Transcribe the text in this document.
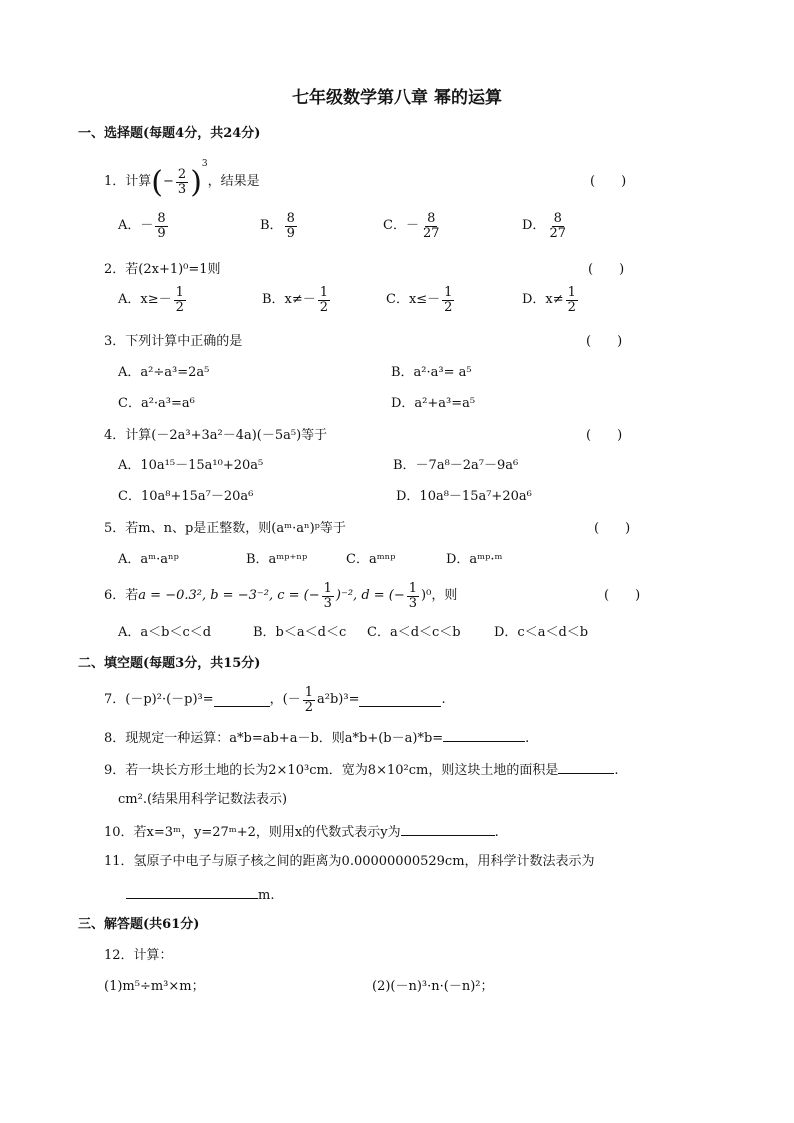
七年级数学第八章 幂的运算
一、选择题(每题4分，共24分)
1．计算 ( − $\frac{2}{3}$ )
3
，结果是	(　　)
A．－ $\frac{8}{9}$	B． $\frac{8}{9}$	C．－ $\frac{8}{27}$	D． $\frac{8}{27}$
2．若(2x+1)⁰=1则	(　　)
A．$x\ge- \frac{1}{2}$	B．$x\ne- \frac{1}{2}$	C．$x\le- \frac{1}{2}$	D．$x\ne \frac{1}{2}$
3．下列计算中正确的是	(　　)
A．a²÷a³=2a⁵	B．a²·a³= a⁵
C．a²·a³=a⁶	D．a²+a³=a⁵
4．计算(－2a³+3a²－4a)(－5a⁵)等于	(　　)
A．10a¹⁵－15a¹⁰+20a⁵	B．－7a⁸－2a⁷－9a⁶
C．10a⁸+15a⁷－20a⁶	D．10a⁸－15a⁷+20a⁶
5．若m、n、p是正整数，则(aᵐ·aⁿ)ᵖ等于	(　　)
A．aᵐ·aⁿᵖ	B．aᵐᵖ⁺ⁿᵖ	C．aᵐⁿᵖ	D．aᵐᵖ·ᵐ
6．若 a = −0.3², b = −3⁻², c = (− $\frac{1}{3} )^{-2}$, d = (− $\frac{1}{3} )^0$，则	(　　)
A．a＜b＜c＜d	B．b＜a＜d＜c C．a＜d＜c＜b	D．c＜a＜d＜b
二、填空题(每题3分，共15分)
7．(－p)²·(－p)³=	，(－ $\frac{1}{2} a^2b)^3=$	.
8．现规定一种运算：a*b=ab+a－b．则a*b+(b－a)*b=	.
9．若一块长方形土地的长为2×10³cm．宽为8×10²cm，则这块土地的面积是	.
cm².(结果用科学记数法表示)
10．若x=3ᵐ，y=27ᵐ+2，则用x的代数式表示y为	.
11．氢原子中电子与原子核之间的距离为0.00000000529cm，用科学计数法表示为
m.
三、解答题(共61分)
12．计算：
(1)m⁵÷m³×m；	(2)(－n)³·n·(－n)²；
